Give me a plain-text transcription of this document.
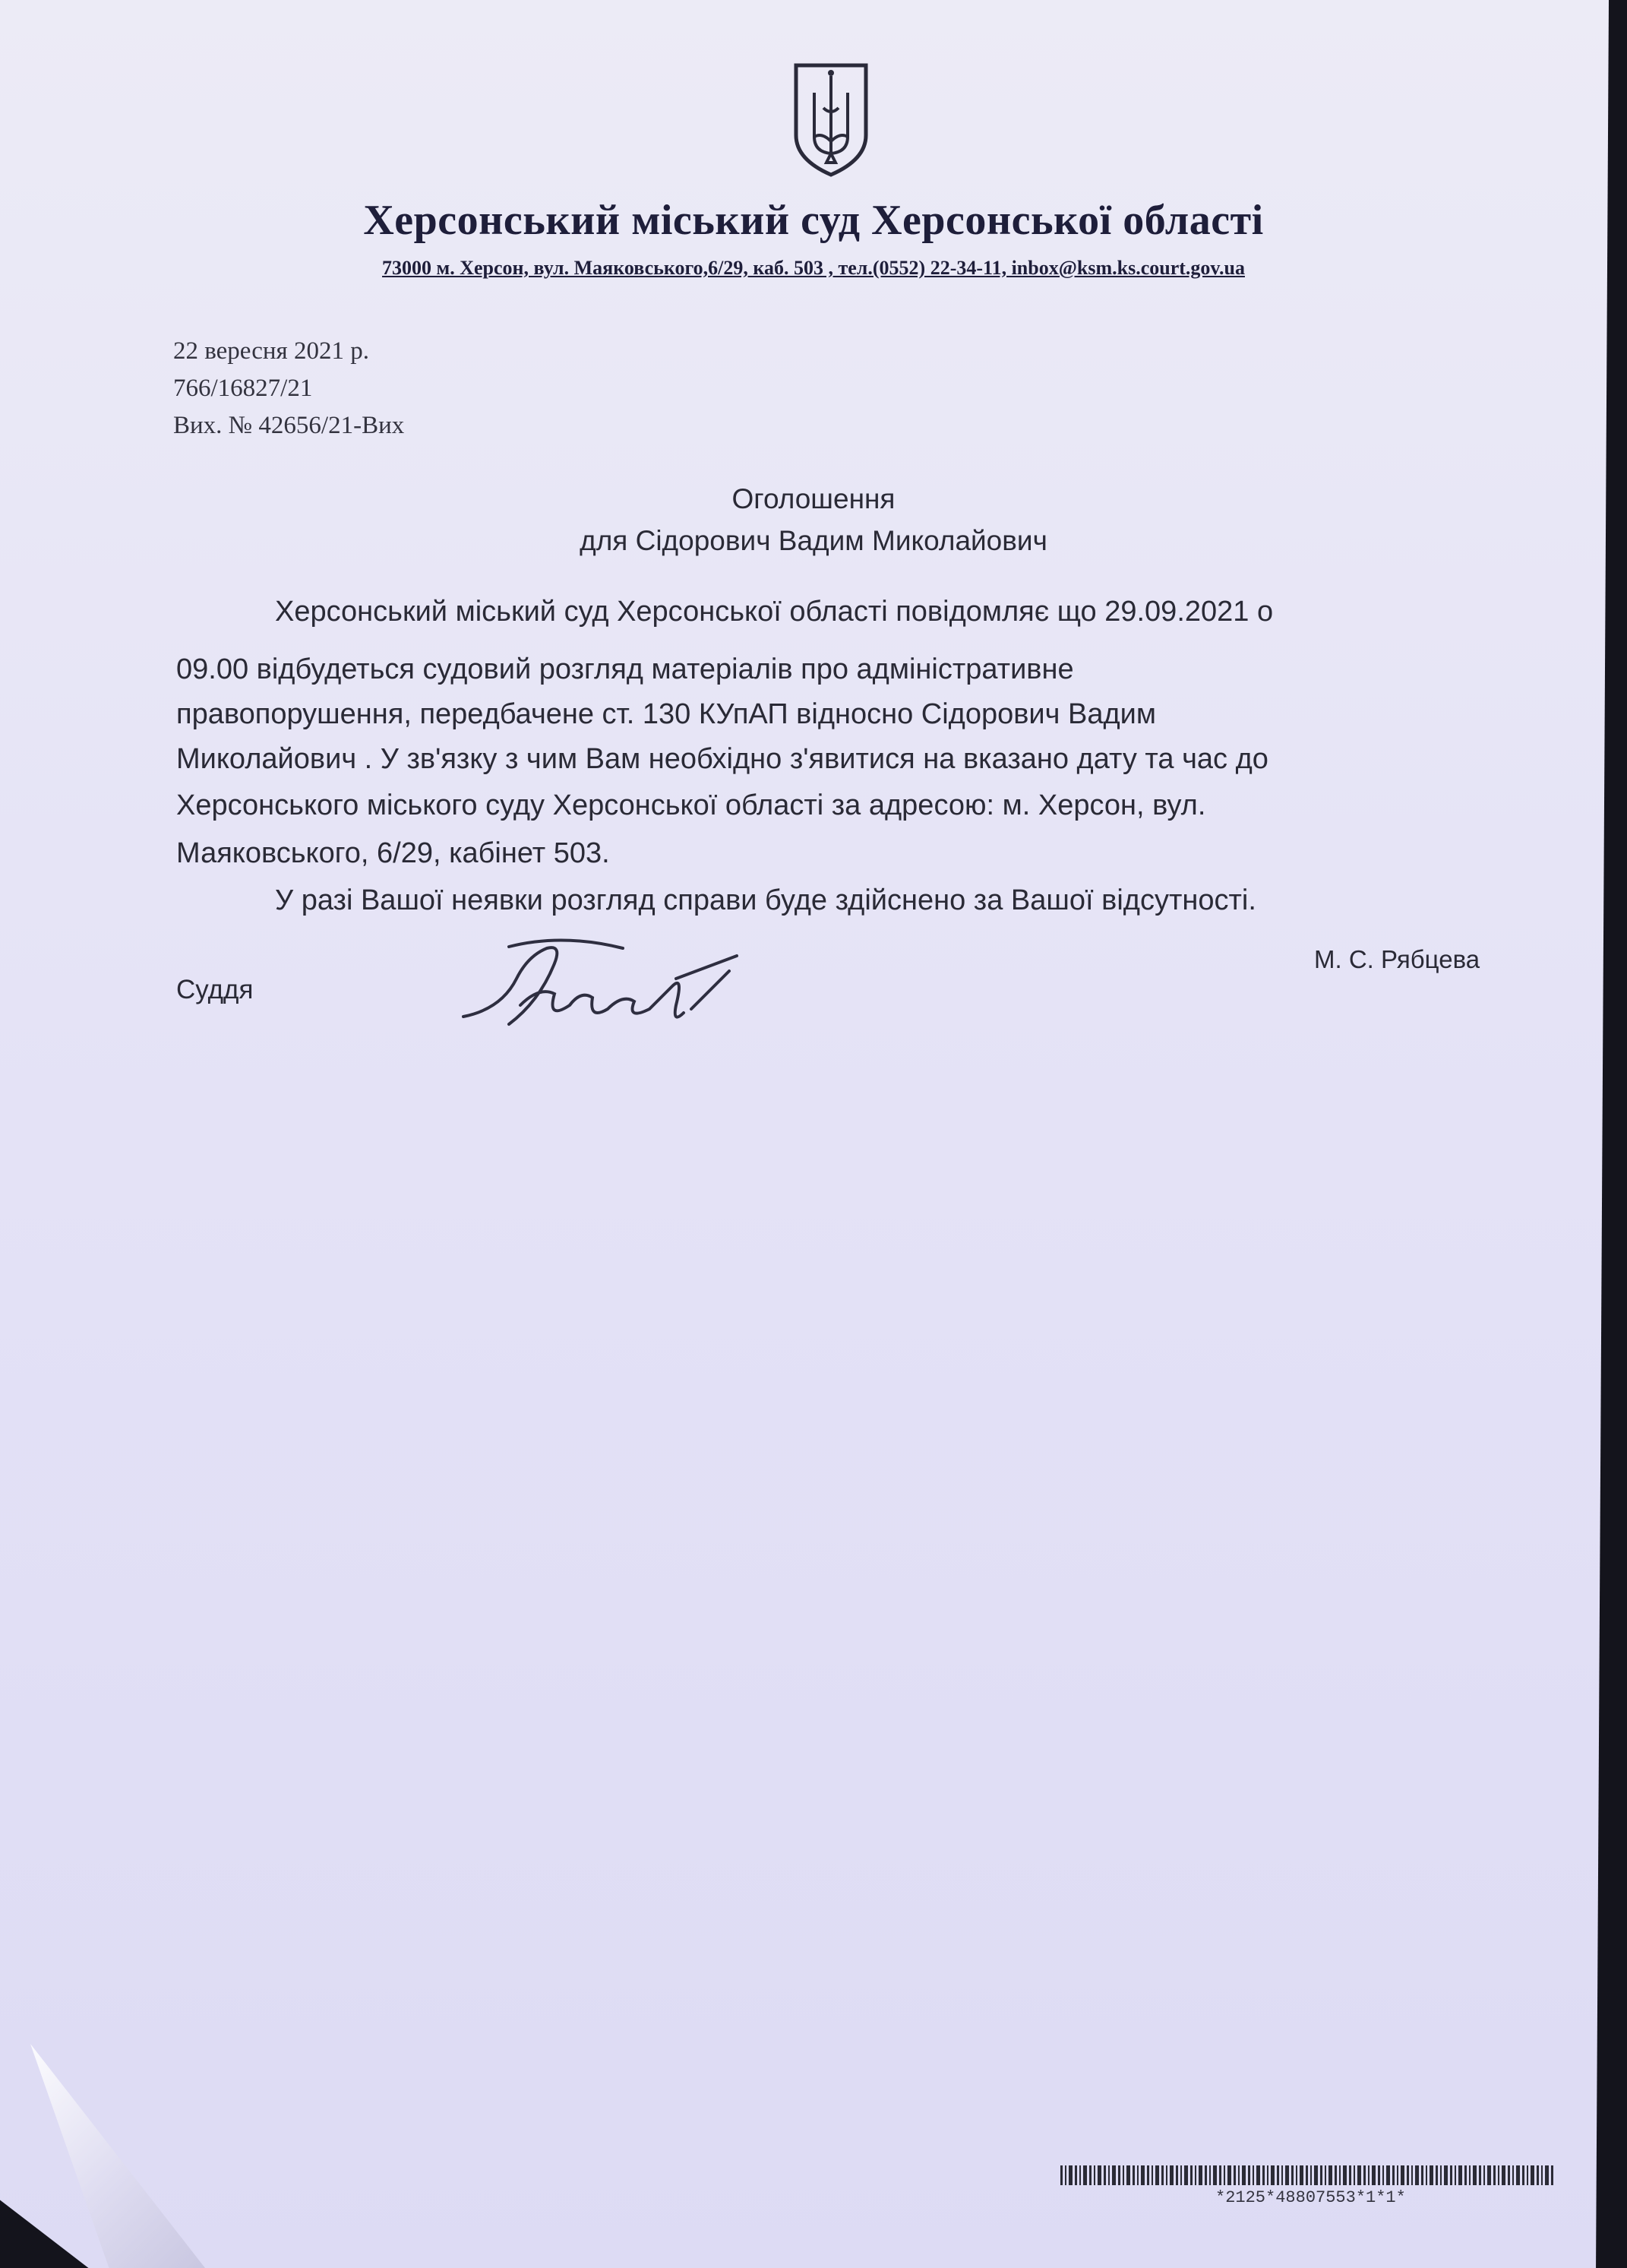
Херсонський міський суд Херсонської області
73000 м. Херсон, вул. Маяковського,6/29, каб. 503 , тел.(0552) 22-34-11, inbox@ksm.ks.court.gov.ua
22 вересня 2021 р.
766/16827/21
Вих. № 42656/21-Вих
Оголошення
для Сідорович Вадим Миколайович
Херсонський міський суд Херсонської області повідомляє що 29.09.2021 о
09.00 відбудеться судовий розгляд матеріалів про адміністративне
правопорушення, передбачене ст. 130 КУпАП відносно Сідорович Вадим
Миколайович . У зв'язку з чим Вам необхідно з'явитися на вказано дату та час до
Херсонського міського суду Херсонської області за адресою: м. Херсон, вул.
Маяковського, 6/29, кабінет 503.
У разі Вашої неявки розгляд справи буде здійснено за Вашої відсутності.
Суддя
М. С. Рябцева
*2125*48807553*1*1*
